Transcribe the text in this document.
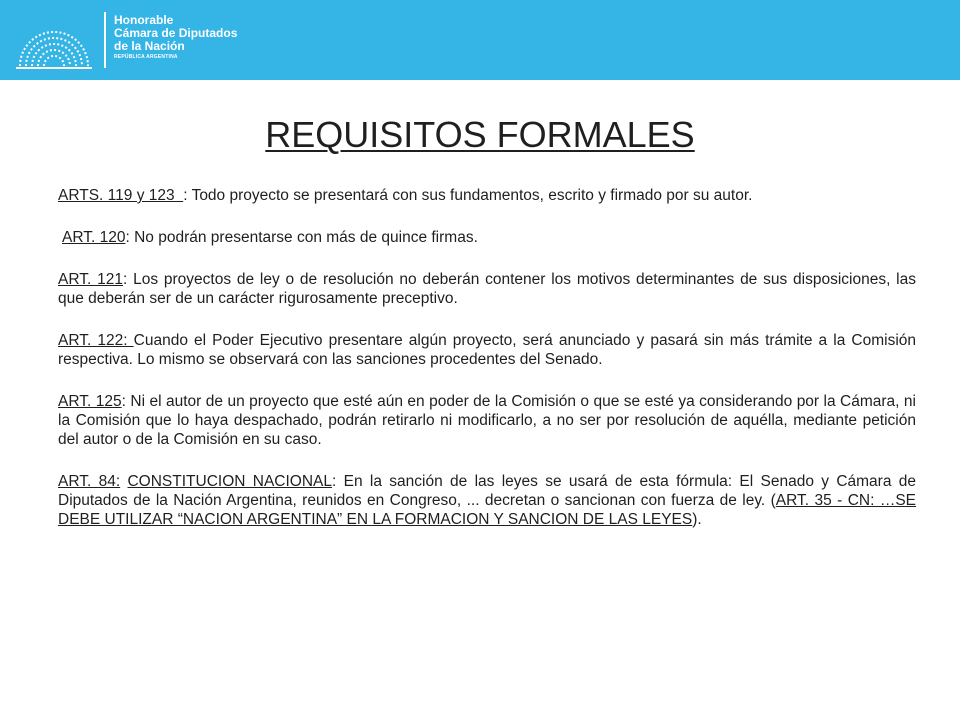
Honorable
Cámara de Diputados
de la Nación
REPÚBLICA ARGENTINA
REQUISITOS FORMALES

ARTS. 119 y 123  : Todo proyecto se presentará con sus fundamentos, escrito y firmado por su autor.

ART. 120: No podrán presentarse con más de quince firmas.

ART. 121: Los proyectos de ley o de resolución no deberán contener los motivos determinantes de sus disposiciones, las que deberán ser de un carácter rigurosamente preceptivo.

ART. 122: Cuando el Poder Ejecutivo presentare algún proyecto, será anunciado y pasará sin más trámite a la Comisión respectiva. Lo mismo se observará con las sanciones procedentes del Senado.

ART. 125: Ni el autor de un proyecto que esté aún en poder de la Comisión o que se esté ya considerando por la Cámara, ni la Comisión que lo haya despachado, podrán retirarlo ni modificarlo, a no ser por resolución de aquélla, mediante petición del autor o de la Comisión en su caso.

ART. 84: CONSTITUCION NACIONAL: En la sanción de las leyes se usará de esta fórmula: El Senado y Cámara de Diputados de la Nación Argentina, reunidos en Congreso, ... decretan o sancionan con fuerza de ley. (ART. 35 - CN: …SE DEBE UTILIZAR “NACION ARGENTINA” EN LA FORMACION Y SANCION DE LAS LEYES).
